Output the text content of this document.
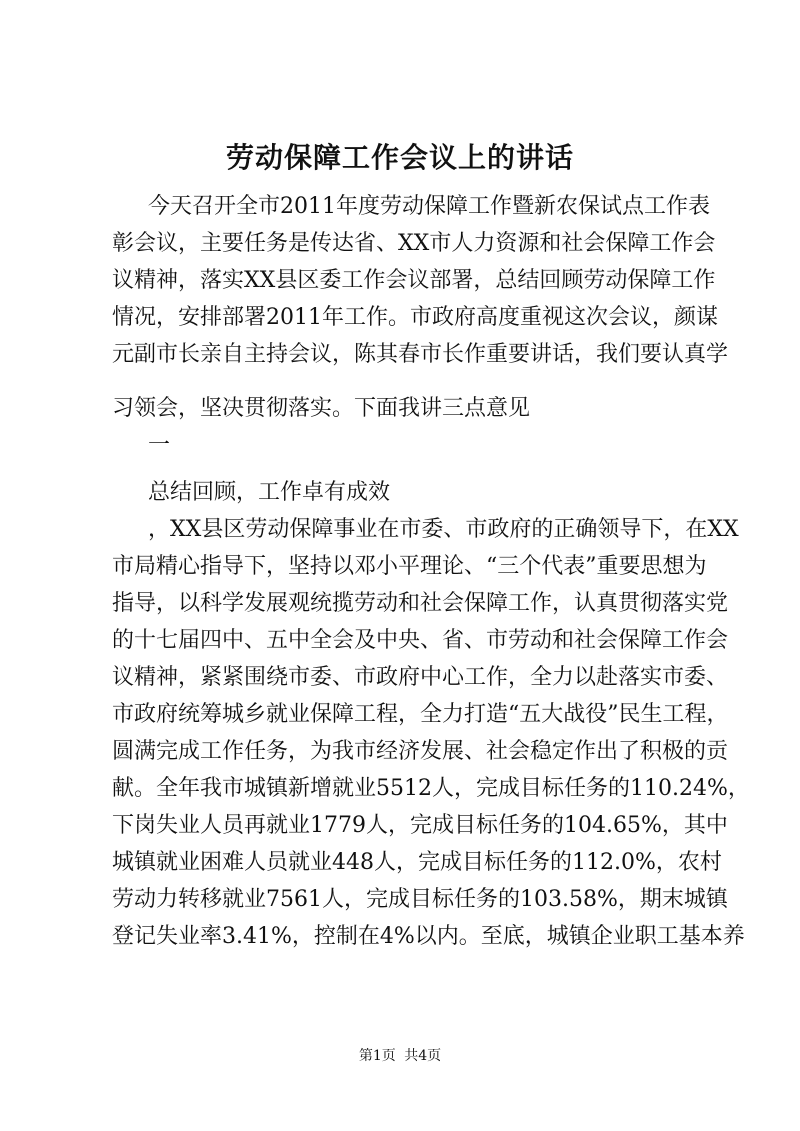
劳动保障工作会议上的讲话
今天召开全市2011年度劳动保障工作暨新农保试点工作表
彰会议，主要任务是传达省、XX市人力资源和社会保障工作会
议精神，落实XX县区委工作会议部署，总结回顾劳动保障工作
情况，安排部署2011年工作。市政府高度重视这次会议，颜谋
元副市长亲自主持会议，陈其春市长作重要讲话，我们要认真学
习领会，坚决贯彻落实。下面我讲三点意见
一
总结回顾，工作卓有成效
，XX县区劳动保障事业在市委、市政府的正确领导下，在XX
市局精心指导下，坚持以邓小平理论、“三个代表”重要思想为
指导，以科学发展观统揽劳动和社会保障工作，认真贯彻落实党
的十七届四中、五中全会及中央、省、市劳动和社会保障工作会
议精神，紧紧围绕市委、市政府中心工作，全力以赴落实市委、
市政府统筹城乡就业保障工程，全力打造“五大战役”民生工程，
圆满完成工作任务，为我市经济发展、社会稳定作出了积极的贡
献。全年我市城镇新增就业5512人，完成目标任务的110.24%，
下岗失业人员再就业1779人，完成目标任务的104.65%，其中
城镇就业困难人员就业448人，完成目标任务的112.0%，农村
劳动力转移就业7561人，完成目标任务的103.58%，期末城镇
登记失业率3.41%，控制在4%以内。至底，城镇企业职工基本养
第1页 共4页
